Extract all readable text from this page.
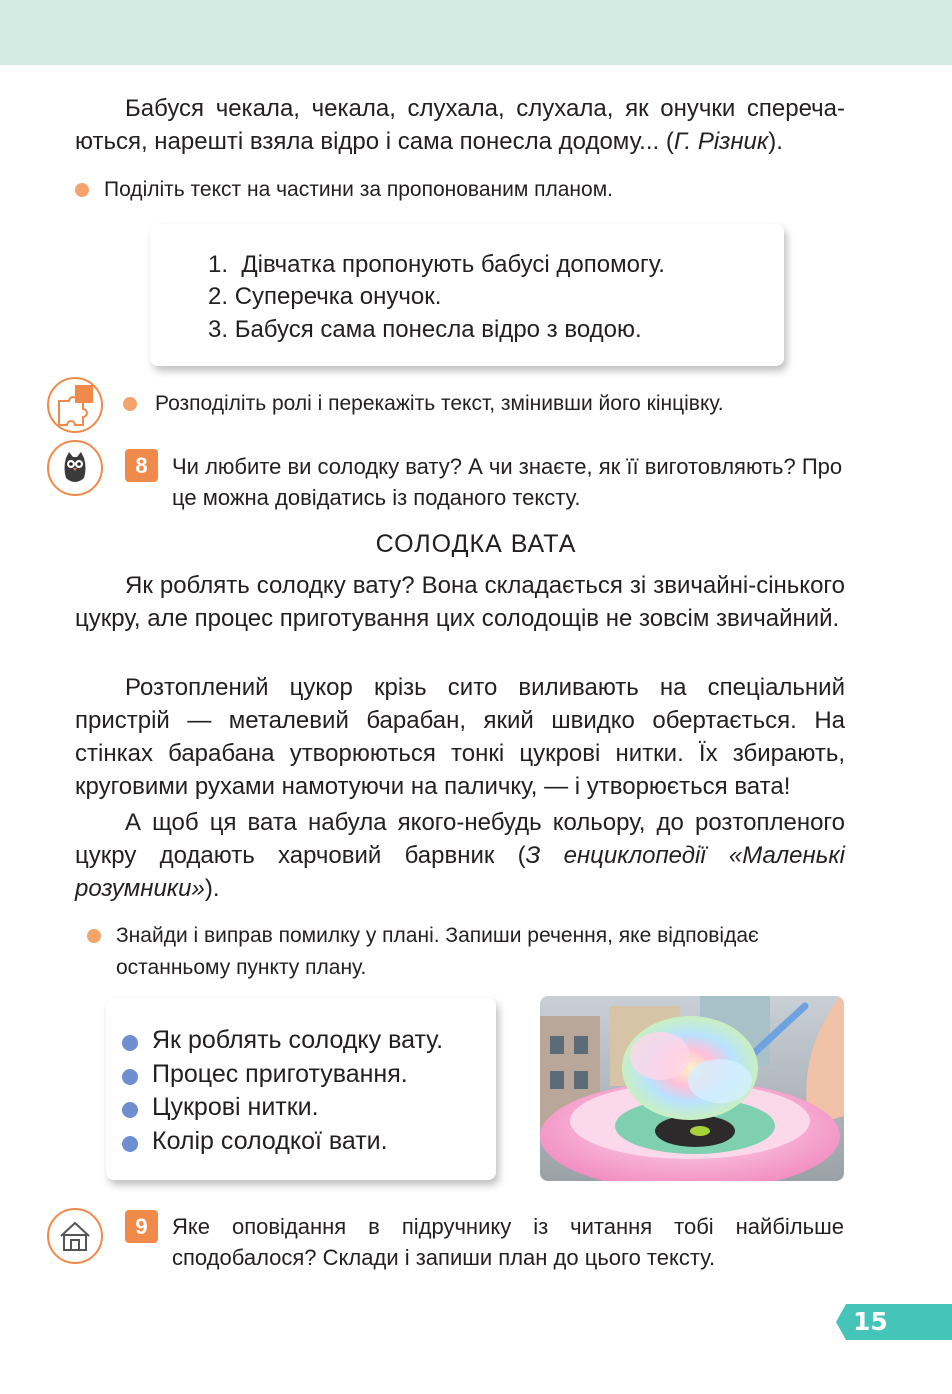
Бабуся чекала, чекала, слухала, слухала, як онучки спереча-ються, нарешті взяла відро і сама понесла додому... (Г. Різник).

Поділіть текст на частини за пропонованим планом.
1. Дівчатка пропонують бабусі допомогу.
2. Суперечка онучок.
3. Бабуся сама понесла відро з водою.
Розподіліть ролі і перекажіть текст, змінивши його кінцівку.
8	Чи любите ви солодку вату? А чи знаєте, як її виготовляють? Про це можна довідатись із поданого тексту.

СОЛОДКА ВАТА

Як роблять солодку вату? Вона складається зі звичайні-сінького цукру, але процес приготування цих солодощів не зовсім звичайний.

Розтоплений цукор крізь сито виливають на спеціальний пристрій — металевий барабан, який швидко обертається. На стінках барабана утворюються тонкі цукрові нитки. Їх збирають, круговими рухами намотуючи на паличку, — і утворюється вата!

А щоб ця вата набула якого-небудь кольору, до розтопленого цукру додають харчовий барвник (З енциклопедії «Маленькі розумники»).

Знайди і виправ помилку у плані. Запиши речення, яке відповідає
останньому пункту плану.
Як роблять солодку вату.
Процес приготування.
Цукрові нитки.
Колір солодкої вати.
9	Яке оповідання в підручнику із читання тобі найбільше сподобалося? Склади і запиши план до цього тексту.

15
